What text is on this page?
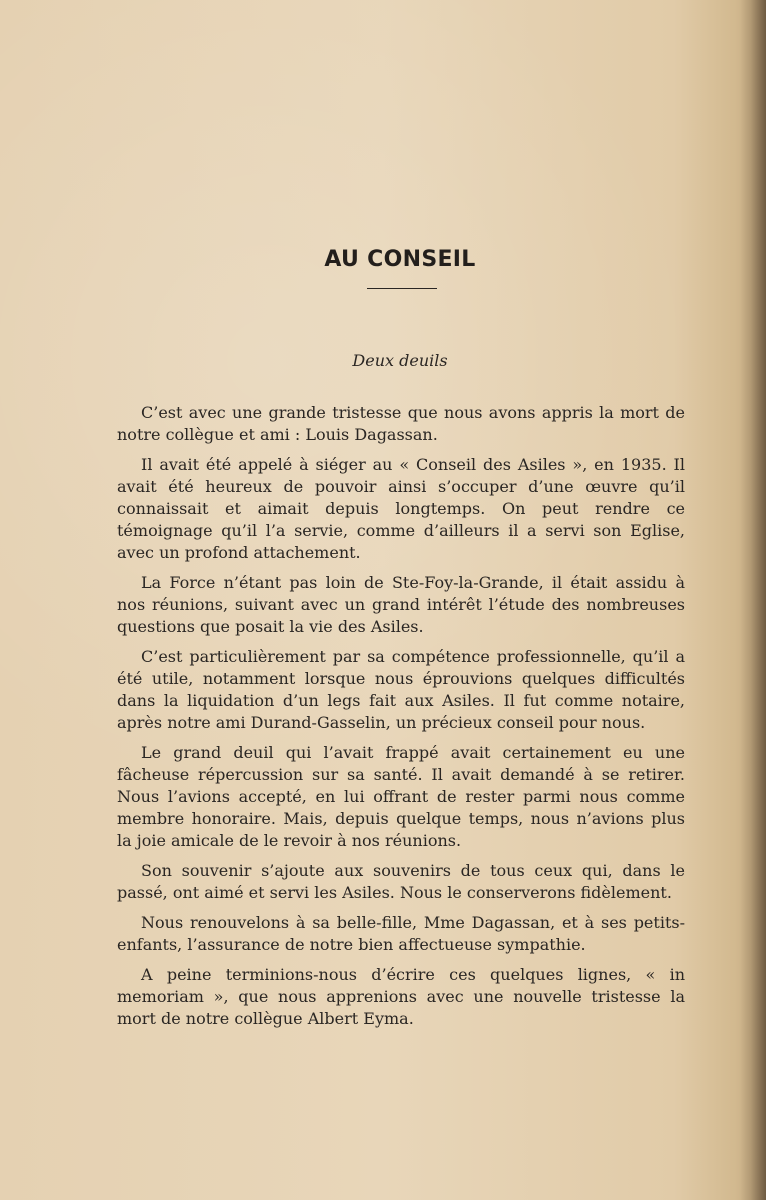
AU CONSEIL
Deux deuils

C’est avec une grande tristesse que nous avons appris la mort de notre collègue et ami : Louis Dagassan.

Il avait été appelé à siéger au « Conseil des Asiles », en 1935. Il avait été heureux de pouvoir ainsi s’occuper d’une œuvre qu’il connaissait et aimait depuis longtemps. On peut rendre ce témoignage qu’il l’a servie, comme d’ailleurs il a servi son Eglise, avec un profond attachement.

La Force n’étant pas loin de Ste-Foy-la-Grande, il était assidu à nos réunions, suivant avec un grand intérêt l’étude des nombreuses questions que posait la vie des Asiles.

C’est particulièrement par sa compétence professionnelle, qu’il a été utile, notamment lorsque nous éprouvions quelques difficultés dans la liquidation d’un legs fait aux Asiles. Il fut comme notaire, après notre ami Durand-Gasselin, un précieux conseil pour nous.

Le grand deuil qui l’avait frappé avait certainement eu une fâcheuse répercussion sur sa santé. Il avait demandé à se retirer. Nous l’avions accepté, en lui offrant de rester parmi nous comme membre honoraire. Mais, depuis quelque temps, nous n’avions plus la joie amicale de le revoir à nos réunions.

Son souvenir s’ajoute aux souvenirs de tous ceux qui, dans le passé, ont aimé et servi les Asiles. Nous le conserverons fidèlement.

Nous renouvelons à sa belle-fille, Mme Dagassan, et à ses petits-enfants, l’assurance de notre bien affectueuse sympathie.

A peine terminions-nous d’écrire ces quelques lignes, « in memoriam », que nous apprenions avec une nouvelle tristesse la mort de notre collègue Albert Eyma.
